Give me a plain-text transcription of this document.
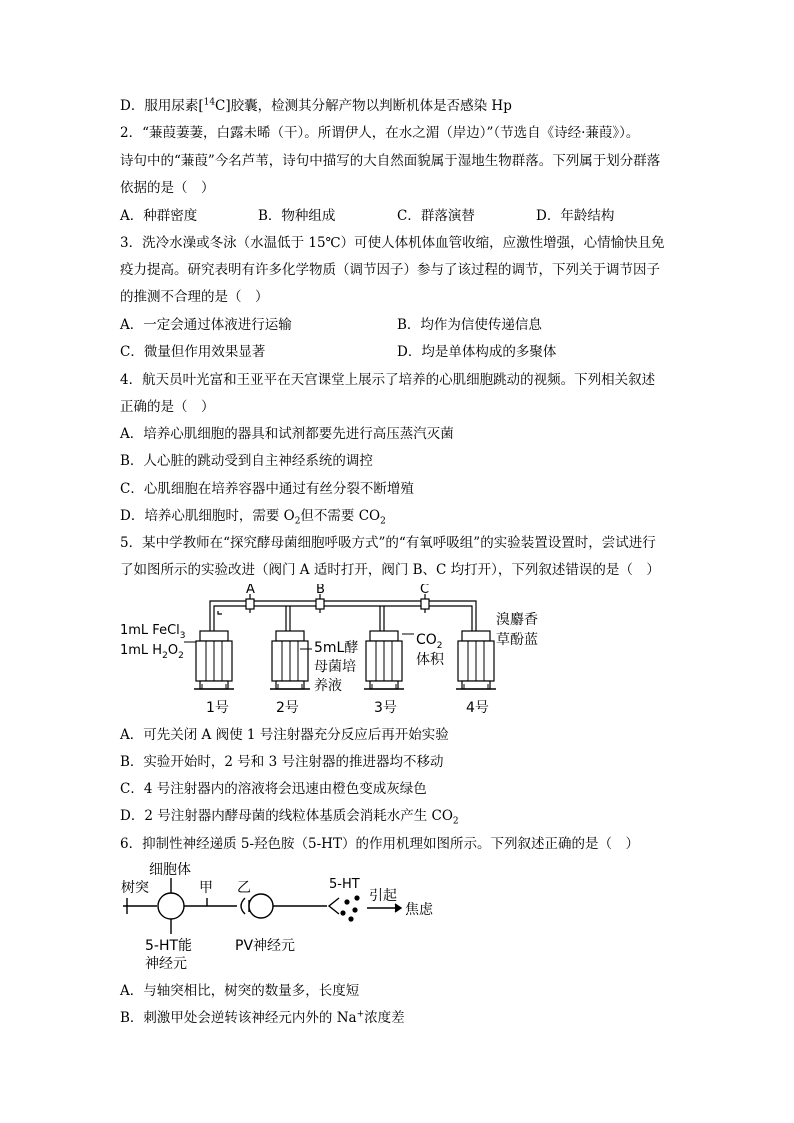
D．服用尿素[$^{14}$C]胶囊，检测其分解产物以判断机体是否感染 Hp
2．“蒹葭萋萋，白露未晞（干）。所谓伊人，在水之湄（岸边）”（节选自《诗经·蒹葭》）。
诗句中的“蒹葭”今名芦苇，诗句中描写的大自然面貌属于湿地生物群落。下列属于划分群落
依据的是（　）
A．种群密度	B．物种组成	C．群落演替	D．年龄结构
3．洗冷水澡或冬泳（水温低于 15℃）可使人体机体血管收缩，应激性增强，心情愉快且免
疫力提高。研究表明有许多化学物质（调节因子）参与了该过程的调节，下列关于调节因子
的推测不合理的是（　）
A．一定会通过体液进行运输	B．均作为信使传递信息
C．微量但作用效果显著	D．均是单体构成的多聚体
4．航天员叶光富和王亚平在天宫课堂上展示了培养的心肌细胞跳动的视频。下列相关叙述
正确的是（　）
A．培养心肌细胞的器具和试剂都要先进行高压蒸汽灭菌
B．人心脏的跳动受到自主神经系统的调控
C．心肌细胞在培养容器中通过有丝分裂不断增殖
D．培养心肌细胞时，需要 $O_2$但不需要 $CO_2$
5．某中学教师在“探究酵母菌细胞呼吸方式”的“有氧呼吸组”的实验装置设置时，尝试进行
了如图所示的实验改进（阀门 A 适时打开，阀门 B、C 均打开），下列叙述错误的是（　）
A	B	C
1mL FeCl$_3$
1mL $H_2O_2$	5mL酵
母菌培
养液
$CO_2$
体积
溴麝香
草酚蓝
1号	2号	3号	4号
A．可先关闭 A 阀使 1 号注射器充分反应后再开始实验
B．实验开始时，2 号和 3 号注射器的推进器均不移动
C．4 号注射器内的溶液将会迅速由橙色变成灰绿色
D．2 号注射器内酵母菌的线粒体基质会消耗水产生 $CO_2$
6．抑制性神经递质 5-羟色胺（5-HT）的作用机理如图所示。下列叙述正确的是（　）
细胞体
树突	甲 乙
5-HT能
神经元
PV神经元
5-HT
引起
焦虑
A．与轴突相比，树突的数量多，长度短
B．刺激甲处会逆转该神经元内外的 Na+浓度差
